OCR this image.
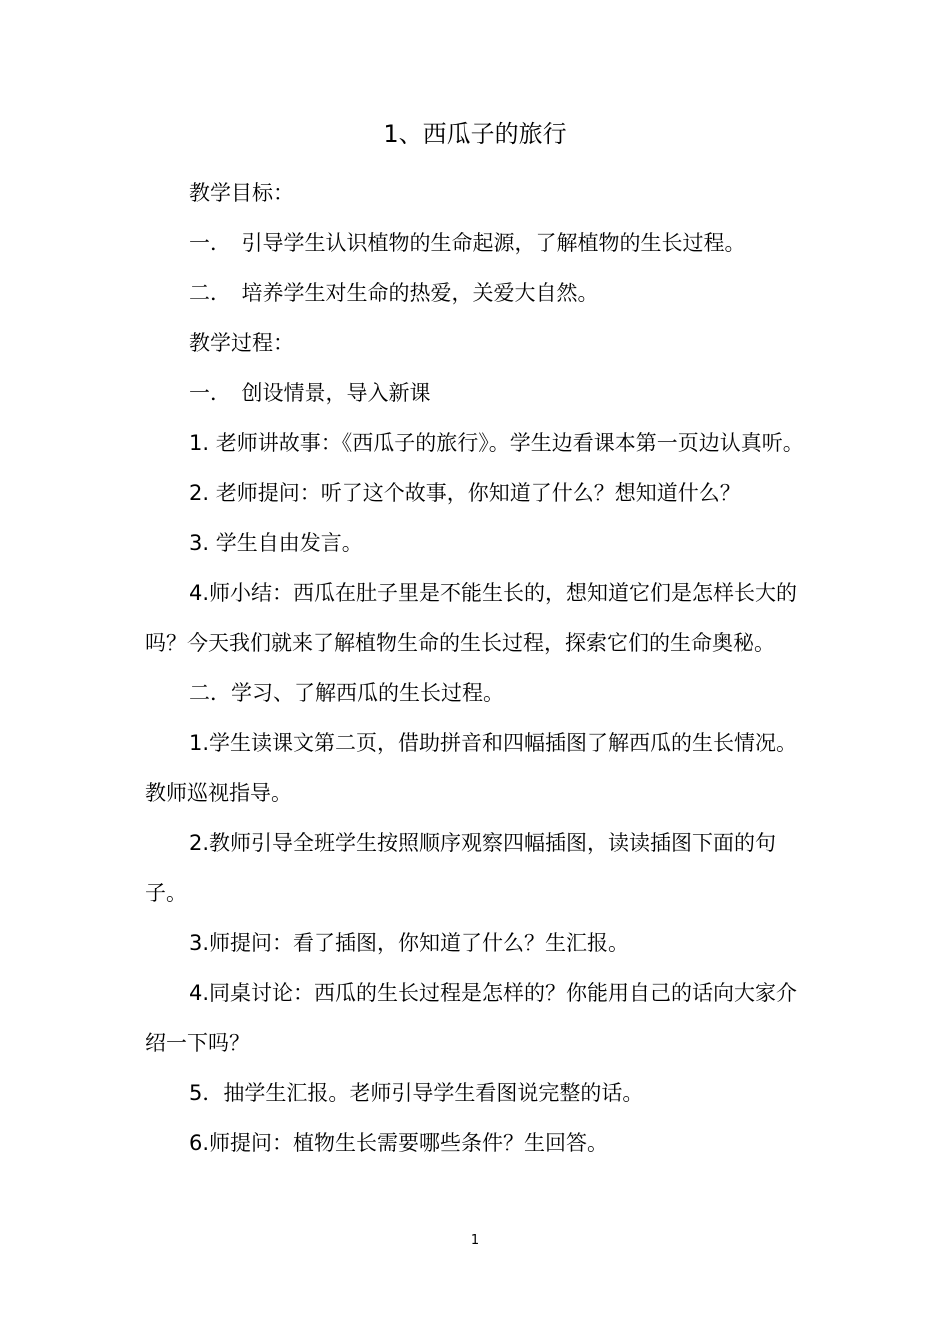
1、西瓜子的旅行

教学目标：

一．　引导学生认识植物的生命起源，了解植物的生长过程。

二．　培养学生对生命的热爱，关爱大自然。

教学过程：

一．　创设情景，导入新课

1. 老师讲故事：《西瓜子的旅行》。学生边看课本第一页边认真听。

2. 老师提问：听了这个故事，你知道了什么？想知道什么？

3. 学生自由发言。

4.师小结：西瓜在肚子里是不能生长的，想知道它们是怎样长大的吗？今天我们就来了解植物生命的生长过程，探索它们的生命奥秘。

二．学习、了解西瓜的生长过程。

1.学生读课文第二页，借助拼音和四幅插图了解西瓜的生长情况。教师巡视指导。

2.教师引导全班学生按照顺序观察四幅插图，读读插图下面的句子。

3.师提问：看了插图，你知道了什么？生汇报。

4.同桌讨论：西瓜的生长过程是怎样的？你能用自己的话向大家介绍一下吗？

5．抽学生汇报。老师引导学生看图说完整的话。

6.师提问：植物生长需要哪些条件？生回答。

1
